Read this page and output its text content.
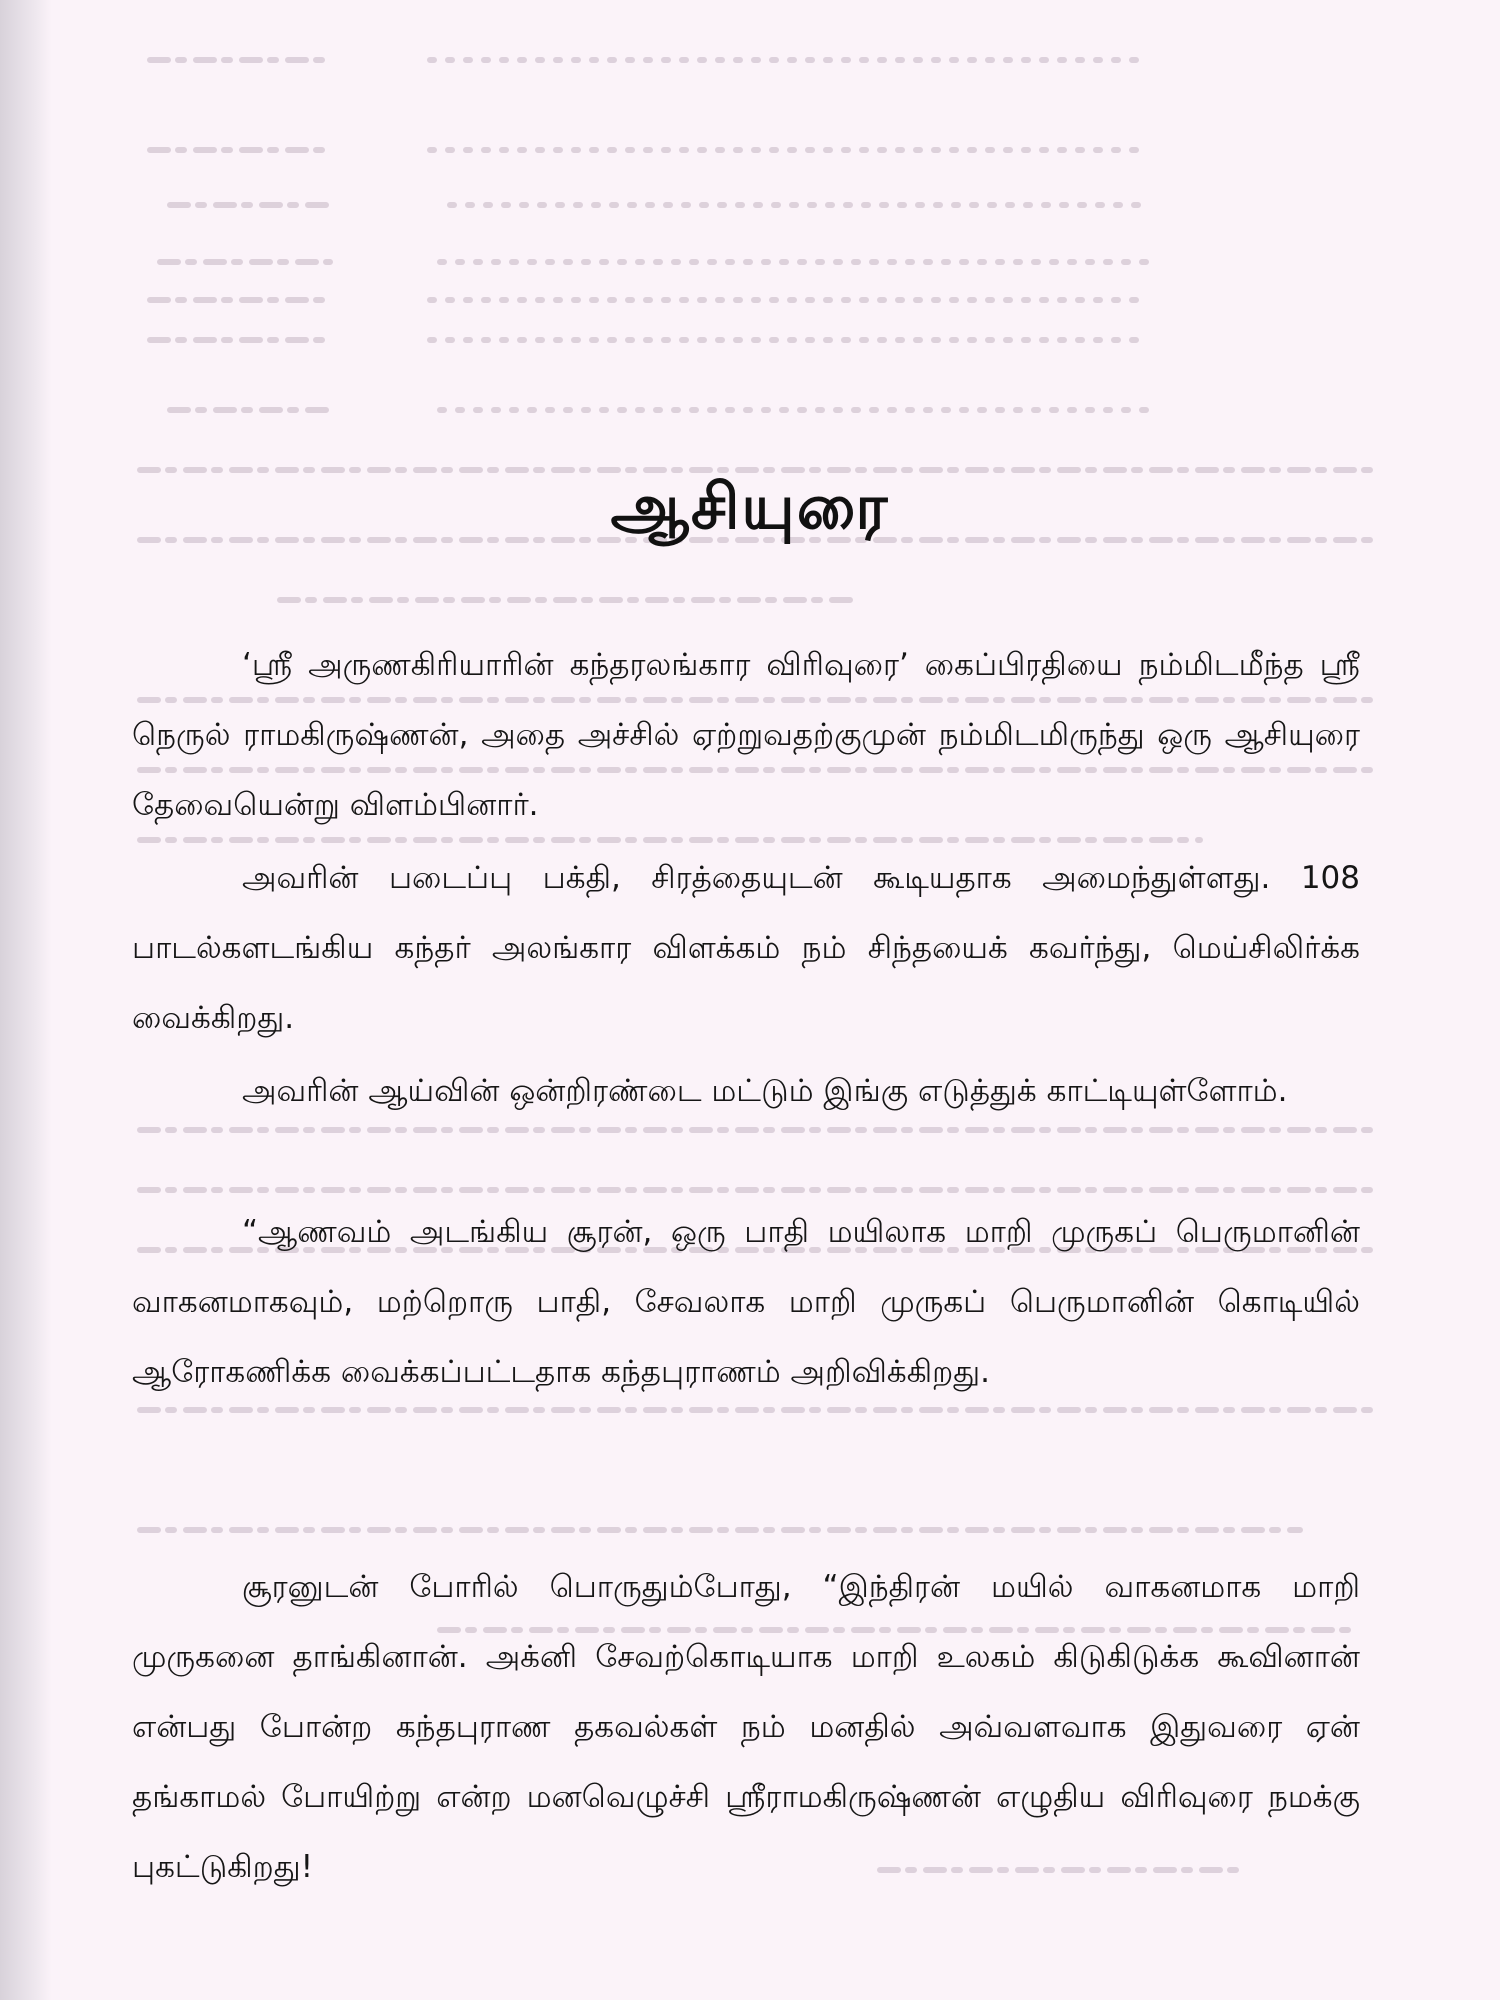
ஆசியுரை

‘ஸ்ரீ அருணகிரியாரின் கந்தரலங்கார விரிவுரை’ கைப்பிரதியை நம்மிடமீந்த ஸ்ரீ நெருல் ராமகிருஷ்ணன், அதை அச்சில் ஏற்றுவதற்குமுன் நம்மிடமிருந்து ஒரு ஆசியுரை தேவையென்று விளம்பினார்.

அவரின் படைப்பு பக்தி, சிரத்தையுடன் கூடியதாக அமைந்துள்ளது. 108 பாடல்களடங்கிய கந்தர் அலங்கார விளக்கம் நம் சிந்தயைக் கவர்ந்து, மெய்சிலிர்க்க வைக்கிறது.

அவரின் ஆய்வின் ஒன்றிரண்டை மட்டும் இங்கு எடுத்துக் காட்டியுள்ளோம்.

“ஆணவம் அடங்கிய சூரன், ஒரு பாதி மயிலாக மாறி முருகப் பெருமானின் வாகனமாகவும், மற்றொரு பாதி, சேவலாக மாறி முருகப் பெருமானின் கொடியில் ஆரோகணிக்க வைக்கப்பட்டதாக கந்தபுராணம் அறிவிக்கிறது.

சூரனுடன் போரில் பொருதும்போது, “இந்திரன் மயில் வாகனமாக மாறி முருகனை தாங்கினான். அக்னி சேவற்கொடியாக மாறி உலகம் கிடுகிடுக்க கூவினான் என்பது போன்ற கந்தபுராண தகவல்கள் நம் மனதில் அவ்வளவாக இதுவரை ஏன் தங்காமல் போயிற்று என்ற மனவெழுச்சி ஸ்ரீராமகிருஷ்ணன் எழுதிய விரிவுரை நமக்கு புகட்டுகிறது!
